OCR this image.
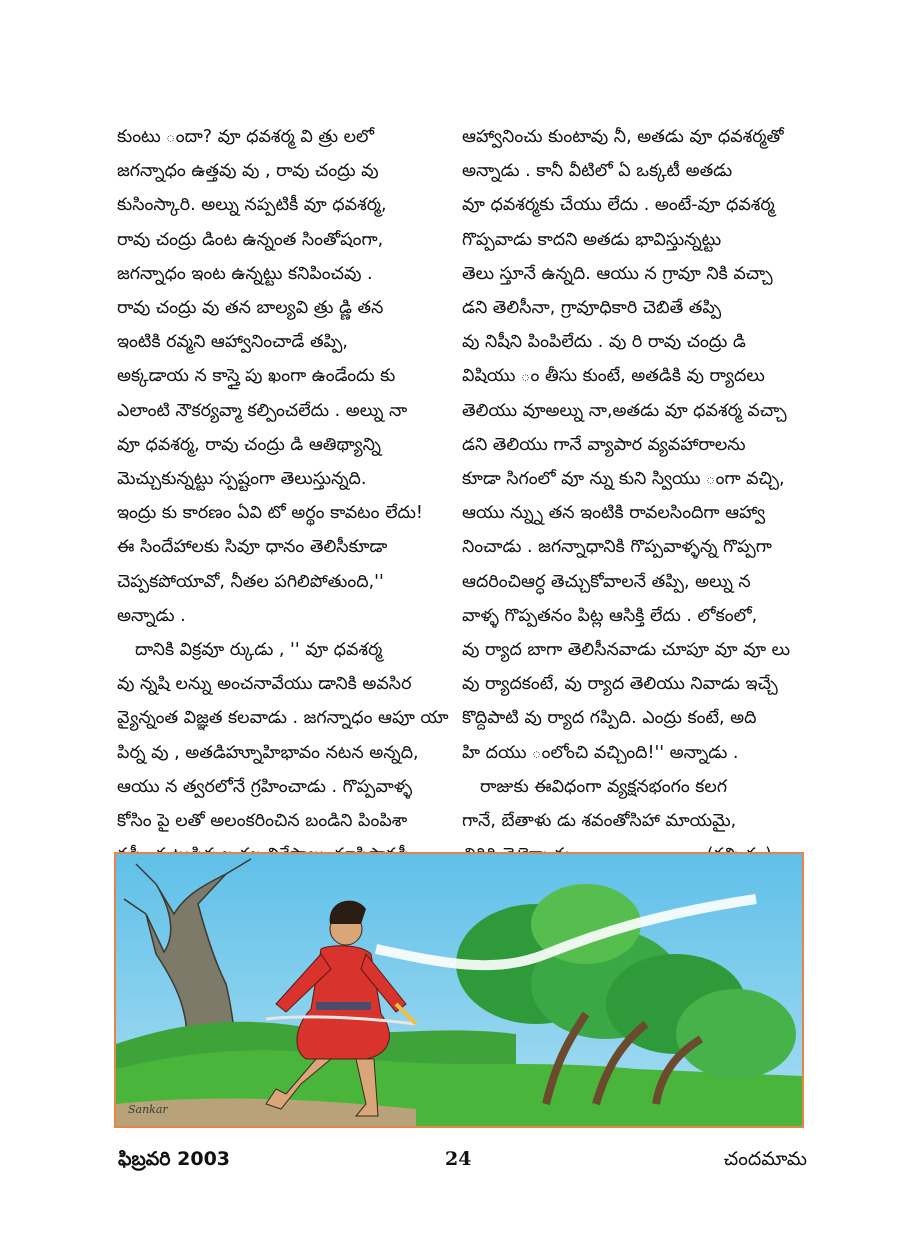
కుంటు ందా? వూ ధవశర్మ వి త్రు లలో

జగన్నాధం ఉత్తవు వు , రావు చంద్రు వు

కుసింస్కారి. అల్ను నప్పటికీ వూ ధవశర్మ,

రావు చంద్రు డింట ఉన్నంత సింతోషంగా,

జగన్నాధం ఇంట ఉన్నట్టు కనిపించవు .

రావు చంద్రు వు తన బాల్యవి త్రు డ్ణి తన

ఇంటికి రవ్మని ఆహ్వానించాడే తప్పి,

అక్కడాయ న కాస్తై పు ఖంగా ఉండేందు కు

ఎలాంటి నౌకర్యవ్మా కల్పించలేదు . అల్ను నా

వూ ధవశర్మ, రావు చంద్రు డి ఆతిథ్యాన్ని

మెచ్చుకున్నట్టు స్పష్టంగా తెలుస్తున్నది.

ఇంద్రు కు కారణం ఏవి టో అర్థం కావటం లేదు!

ఈ సిందేహాలకు సివూ ధానం తెలిసీకూడా

చెప్పకపోయావో, నీతల పగిలిపోతుంది,''

అన్నాడు .

దానికి విక్రవూ ర్కుడు , '' వూ ధవశర్మ

వు న్నషి లన్ను అంచనావేయు డానికి అవసిర

వ్యైన్నంత విజ్ఞత కలవాడు . జగన్నాధం ఆపూ యా

పిర్న వు , అతడిహ్నూహిభావం నటన అన్నది,

ఆయు న త్వరలోనే గ్రహించాడు . గొప్పవాళ్ళ

కోసిం పై లతో అలంకరించిన బండిని పింపిశా

ఆహ్వానించు కుంటావు నీ, అతడు వూ ధవశర్మతో

అన్నాడు . కానీ వీటిలో ఏ ఒక్కటీ అతడు

వూ ధవశర్మకు చేయు లేదు . అంటే-వూ ధవశర్మ

గొప్పవాడు కాదని అతడు భావిస్తున్నట్టు

తెలు స్తూనే ఉన్నది. ఆయు న గ్రావూ నికి వచ్చా

డని తెలిసీనా, గ్రావూధికారి చెబితే తప్పి

వు నిషీని పింపిలేదు . వు రి రావు చంద్రు డి

విషియు ం తీసు కుంటే, అతడికి వు ర్యాదలు

తెలియు వూఅల్ను నా,అతడు వూ ధవశర్మ వచ్చా

డని తెలియు గానే వ్యాపార వ్యవహారాలను

కూడా సిగంలో వూ న్ను కుని స్వియు ంగా వచ్చి,

ఆయు న్న్ను తన ఇంటికి రావలసిందిగా ఆహ్వా

నించాడు . జగన్నాధానికి గొప్పవాళ్ళన్న గొప్పగా

ఆదరించిఆర్ధ తెచ్చుకోవాలనే తప్పి, అల్ను న

వాళ్ళ గొప్పతనం పిట్ల ఆసిక్తి లేదు . లోకంలో,

వు ర్యాద బాగా తెలిసీనవాడు చూపూ వూ వూ లు

వు ర్యాదకంటే, వు ర్యాద తెలియు నివాడు ఇచ్చే

కొద్దిపాటి వు ర్యాద గప్పిది. ఎంద్రు కంటే, అది

హి దయు ంలోంచి వచ్చింది!'' అన్నాడు .

రాజుకు ఈవిధంగా వ్యక్షనభంగం కలగ

గానే, బేతాళు డు శవంతోసిహా మాయమై,

Sankar
ఫిబ్రవరి 2003	24	చందమామ
